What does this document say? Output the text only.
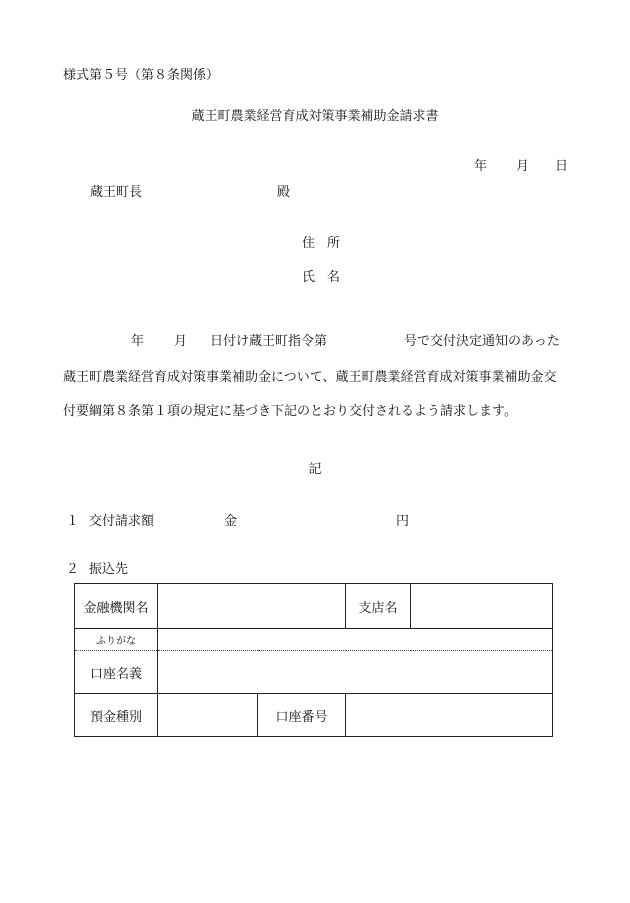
様式第５号（第８条関係）
蔵王町農業経営育成対策事業補助金請求書
年 月 日
蔵王町長	殿
住所
氏名
年 月 日付け蔵王町指令第	号で交付決定通知のあった
蔵王町農業経営育成対策事業補助金について、蔵王町農業経営育成対策事業補助金交
付要綱第８条第１項の規定に基づき下記のとおり交付されるよう請求します。
記
１ 交付請求額	金	円
２ 振込先
金融機関名			支店名	
ふりがな				
口座名義				
預金種別		口座番号		
